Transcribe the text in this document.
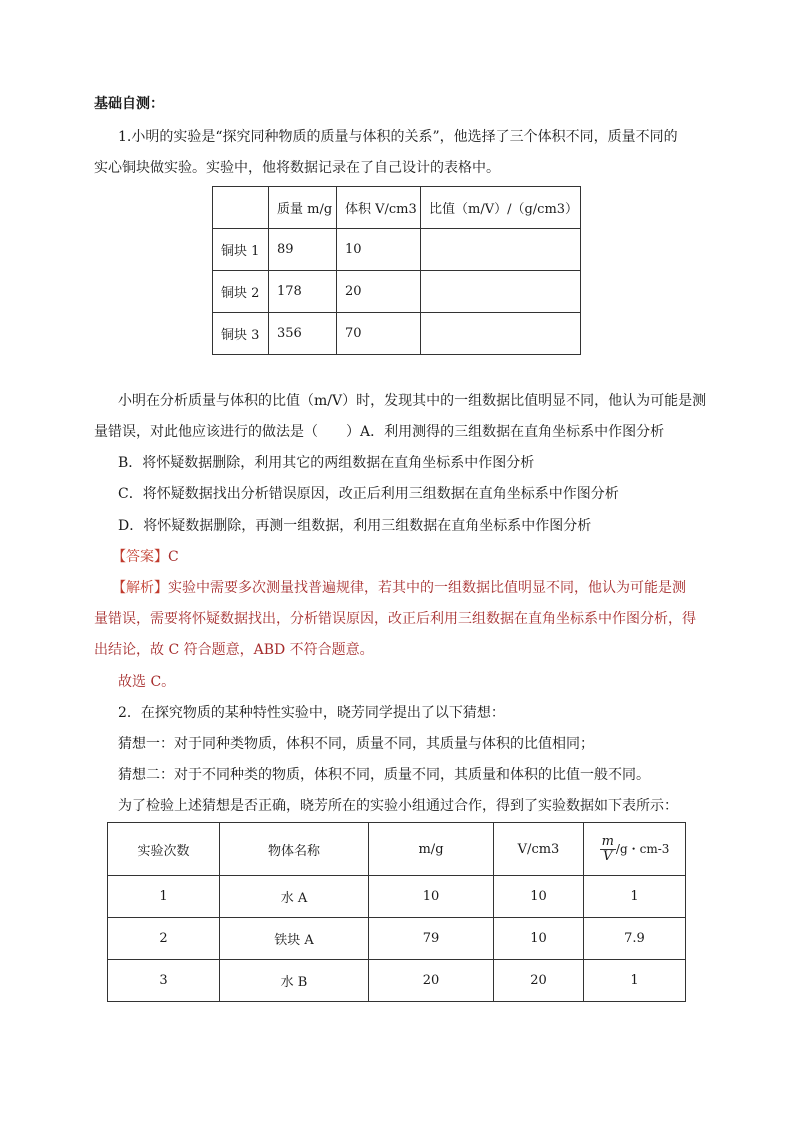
基础自测：
1.小明的实验是“探究同种物质的质量与体积的关系”，他选择了三个体积不同，质量不同的
实心铜块做实验。实验中，他将数据记录在了自己设计的表格中。
	质量 m/g	体积 V/cm3	比值（m/V）/（g/cm3）
铜块 1	89	10	
铜块 2	178	20	
铜块 3	356	70	
小明在分析质量与体积的比值（m/V）时，发现其中的一组数据比值明显不同，他认为可能是测
量错误，对此他应该进行的做法是（　　）A．利用测得的三组数据在直角坐标系中作图分析
B．将怀疑数据删除，利用其它的两组数据在直角坐标系中作图分析
C．将怀疑数据找出分析错误原因，改正后利用三组数据在直角坐标系中作图分析
D．将怀疑数据删除，再测一组数据，利用三组数据在直角坐标系中作图分析
【答案】C
【解析】实验中需要多次测量找普遍规律，若其中的一组数据比值明显不同，他认为可能是测
量错误，需要将怀疑数据找出，分析错误原因，改正后利用三组数据在直角坐标系中作图分析，得
出结论，故 C 符合题意，ABD 不符合题意。
故选 C。
2．在探究物质的某种特性实验中，晓芳同学提出了以下猜想：
猜想一：对于同种类物质，体积不同，质量不同，其质量与体积的比值相同；
猜想二：对于不同种类的物质，体积不同，质量不同，其质量和体积的比值一般不同。
为了检验上述猜想是否正确，晓芳所在的实验小组通过合作，得到了实验数据如下表所示：
实验次数	物体名称	m/g	V/cm3	$\frac{m}{V} /g$・cm-3
1	水 A	10	10	1
2	铁块 A	79	10	7.9
3	水 B	20	20	1
